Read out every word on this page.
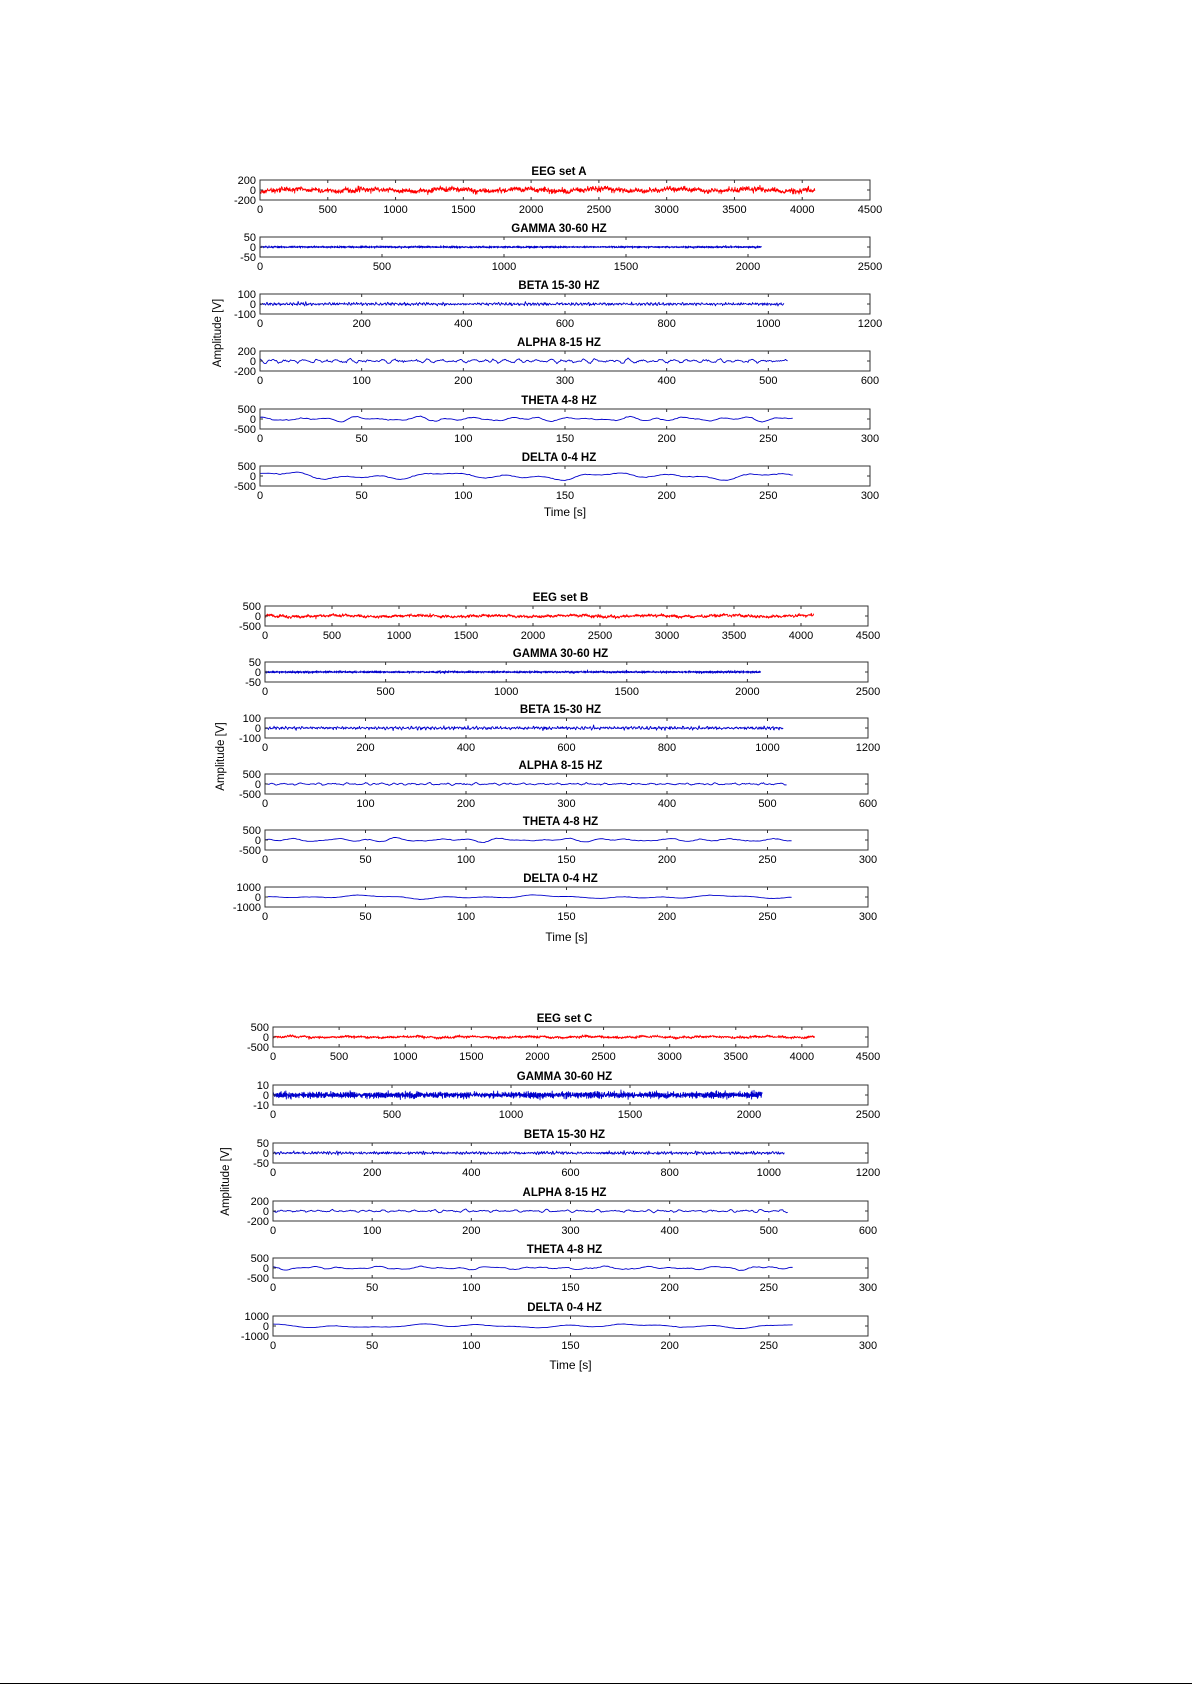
EEG set A
0	500	1000	1500	2000	2500	3000	3500	4000	4500
200
0
-200
GAMMA 30-60 HZ
0	500	1000	1500	2000	2500
50
0
-50
BETA 15-30 HZ
0	200	400	600	800	1000	1200
100
0
-100
ALPHA 8-15 HZ
0	100	200	300	400	500	600
200
0
-200
THETA 4-8 HZ
0	50	100	150	200	250	300
500
0
-500
DELTA 0-4 HZ
0	50	100	150	200	250	300
500
0
-500
Amplitude [V]
Time [s]
EEG set B
0	500	1000	1500	2000	2500	3000	3500	4000	4500
500
0
-500
GAMMA 30-60 HZ
0	500	1000	1500	2000	2500
50
0
-50
BETA 15-30 HZ
0	200	400	600	800	1000	1200
100
0
-100
ALPHA 8-15 HZ
0	100	200	300	400	500	600
500
0
-500
THETA 4-8 HZ
0	50	100	150	200	250	300
500
0
-500
DELTA 0-4 HZ
0	50	100	150	200	250	300
1000
0
-1000
Amplitude [V]
Time [s]
EEG set C
0	500	1000	1500	2000	2500	3000	3500	4000	4500
500
0
-500
GAMMA 30-60 HZ
0	500	1000	1500	2000	2500
10
0
-10
BETA 15-30 HZ
0	200	400	600	800	1000	1200
50
0
-50
ALPHA 8-15 HZ
0	100	200	300	400	500	600
200
0
-200
THETA 4-8 HZ
0	50	100	150	200	250	300
500
0
-500
DELTA 0-4 HZ
0	50	100	150	200	250	300
1000
0
-1000
Amplitude [V]
Time [s]
